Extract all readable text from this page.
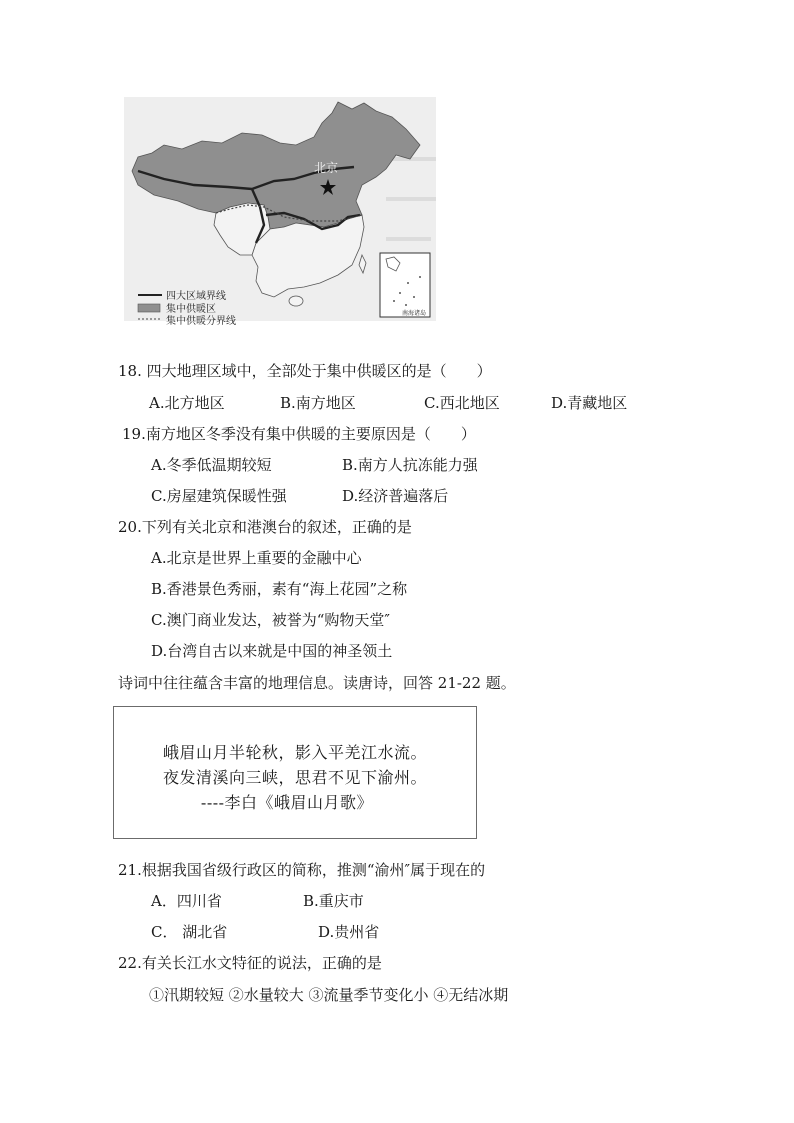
北京
四大区域界线
集中供暖区
集中供暖分界线
南海诸岛
18. 四大地理区域中，全部处于集中供暖区的是（　　）
A.北方地区	B.南方地区	C.西北地区	D.青藏地区
19.南方地区冬季没有集中供暖的主要原因是（　　）
A.冬季低温期较短	B.南方人抗冻能力强
C.房屋建筑保暖性强	D.经济普遍落后
20.下列有关北京和港澳台的叙述，正确的是
A.北京是世界上重要的金融中心
B.香港景色秀丽，素有“海上花园”之称
C.澳门商业发达，被誉为“购物天堂″
D.台湾自古以来就是中国的神圣领土
诗词中往往蕴含丰富的地理信息。读唐诗，回答 21-22 题。
峨眉山月半轮秋，影入平羌江水流。
夜发清溪向三峡，思君不见下渝州。
----李白《峨眉山月歌》
21.根据我国省级行政区的简称，推测“渝州″属于现在的
A．四川省	B.重庆市
C． 湖北省	D.贵州省
22.有关长江水文特征的说法，正确的是
①汛期较短 ②水量较大 ③流量季节变化小 ④无结冰期
